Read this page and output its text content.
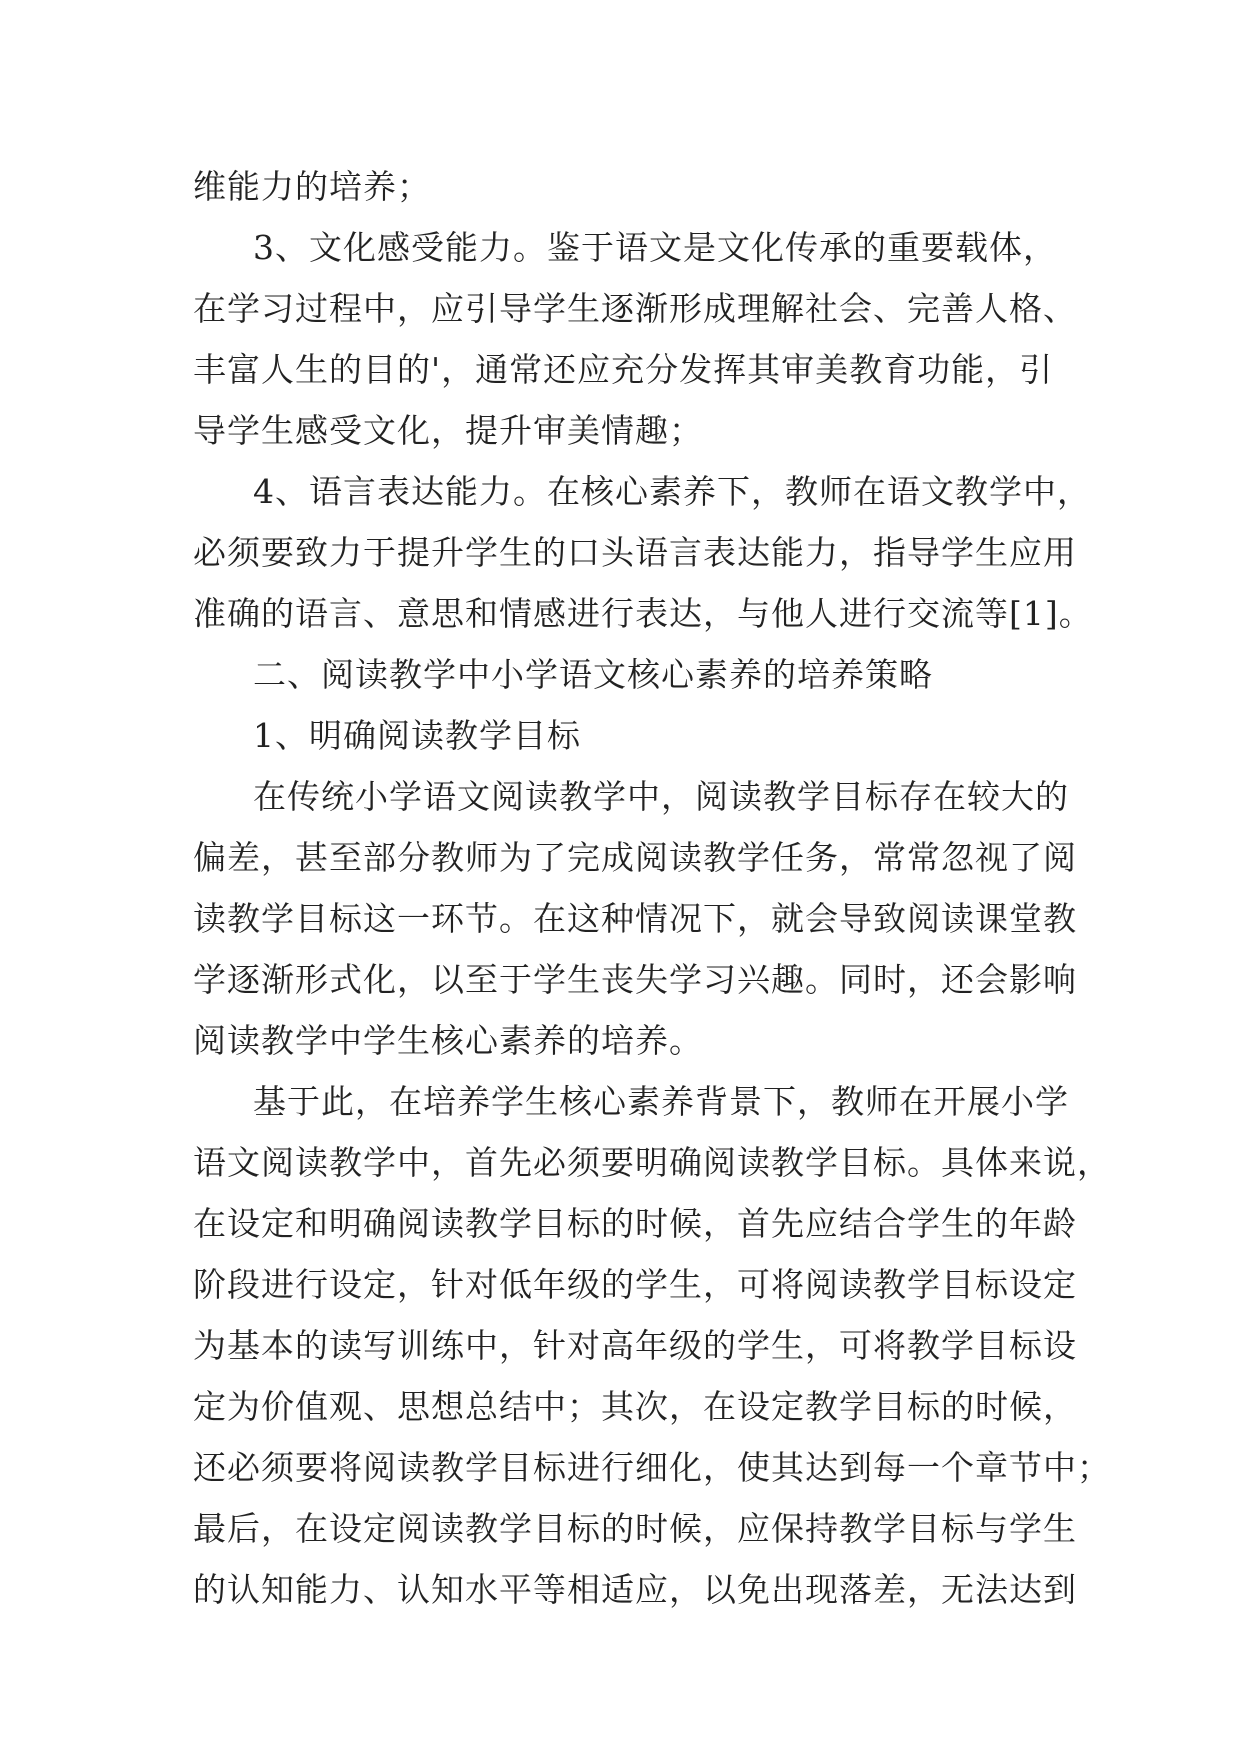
维能力的培养；
3、文化感受能力。鉴于语文是文化传承的重要载体，
在学习过程中，应引导学生逐渐形成理解社会、完善人格、
丰富人生的目的'，通常还应充分发挥其审美教育功能，引
导学生感受文化，提升审美情趣；
4、语言表达能力。在核心素养下，教师在语文教学中，
必须要致力于提升学生的口头语言表达能力，指导学生应用
准确的语言、意思和情感进行表达，与他人进行交流等[1]。
二、阅读教学中小学语文核心素养的培养策略
1、明确阅读教学目标
在传统小学语文阅读教学中，阅读教学目标存在较大的
偏差，甚至部分教师为了完成阅读教学任务，常常忽视了阅
读教学目标这一环节。在这种情况下，就会导致阅读课堂教
学逐渐形式化，以至于学生丧失学习兴趣。同时，还会影响
阅读教学中学生核心素养的培养。
基于此，在培养学生核心素养背景下，教师在开展小学
语文阅读教学中，首先必须要明确阅读教学目标。具体来说，
在设定和明确阅读教学目标的时候，首先应结合学生的年龄
阶段进行设定，针对低年级的学生，可将阅读教学目标设定
为基本的读写训练中，针对高年级的学生，可将教学目标设
定为价值观、思想总结中；其次，在设定教学目标的时候，
还必须要将阅读教学目标进行细化，使其达到每一个章节中；
最后，在设定阅读教学目标的时候，应保持教学目标与学生
的认知能力、认知水平等相适应，以免出现落差，无法达到
